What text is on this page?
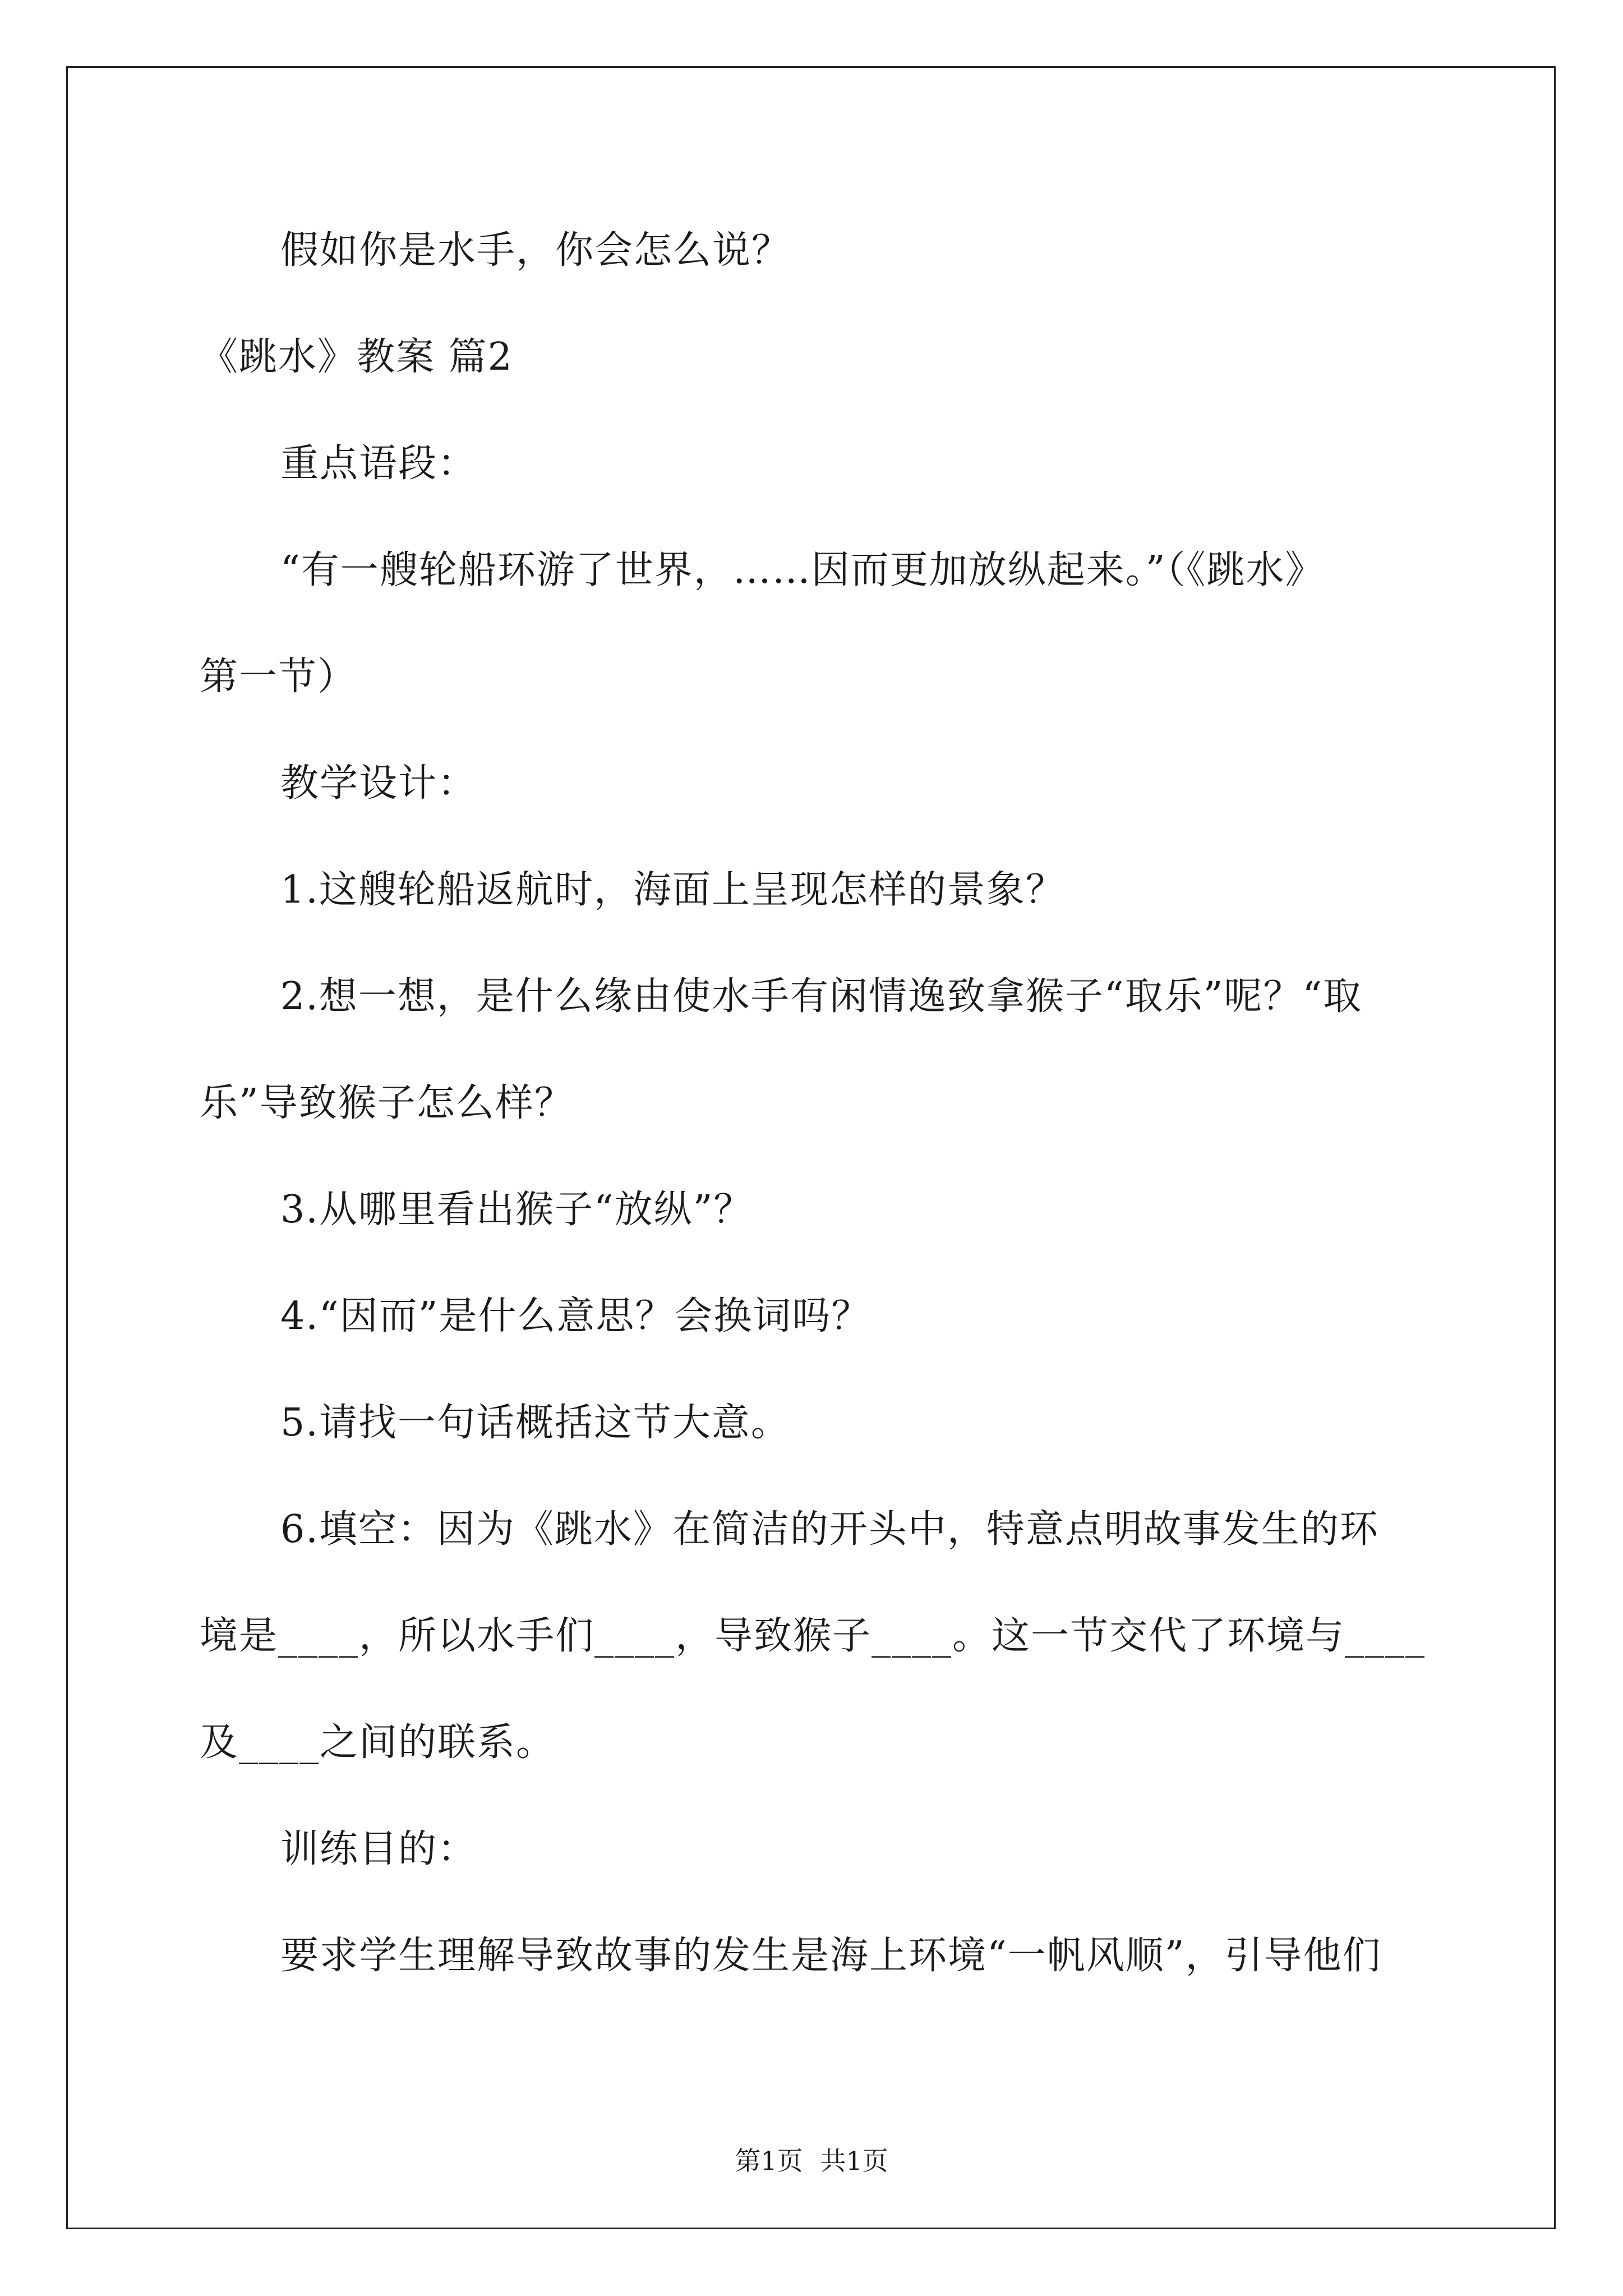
假如你是水手，你会怎么说？
《跳水》教案 篇2
重点语段：
“有一艘轮船环游了世界，……因而更加放纵起来。”（《跳水》
第一节）
教学设计：
1.这艘轮船返航时，海面上呈现怎样的景象？
2.想一想，是什么缘由使水手有闲情逸致拿猴子“取乐”呢？“取
乐”导致猴子怎么样？
3.从哪里看出猴子“放纵”？
4.“因而”是什么意思？会换词吗？
5.请找一句话概括这节大意。
6.填空：因为《跳水》在简洁的开头中，特意点明故事发生的环
境是____，所以水手们____，导致猴子____。这一节交代了环境与____
及____之间的联系。
训练目的：
要求学生理解导致故事的发生是海上环境“一帆风顺”，引导他们
第1页 共1页
